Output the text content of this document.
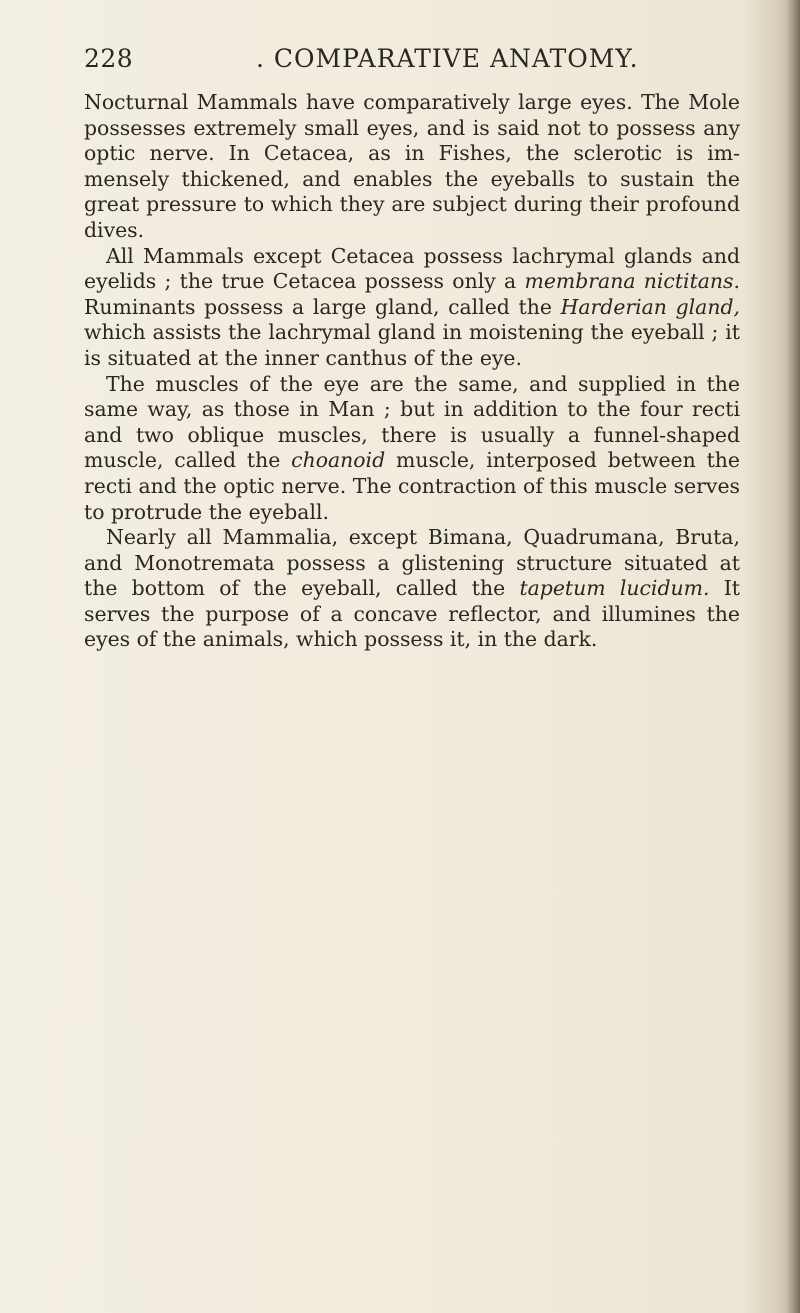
228	. COMPARATIVE ANATOMY.

Nocturnal Mammals have comparatively large eyes. The Mole possesses extremely small eyes, and is said not to possess any optic nerve. In Cetacea, as in Fishes, the sclerotic is immensely thickened, and enables the eyeballs to sustain the great pressure to which they are subject during their profound dives.

All Mammals except Cetacea possess lachrymal glands and eyelids ; the true Cetacea possess only a membrana nictitans. Ruminants possess a large gland, called the Harderian gland, which assists the lachrymal gland in moistening the eyeball ; it is situated at the inner canthus of the eye.

The muscles of the eye are the same, and supplied in the same way, as those in Man ; but in addition to the four recti and two oblique muscles, there is usually a funnel-shaped muscle, called the choanoid muscle, interposed between the recti and the optic nerve. The contraction of this muscle serves to protrude the eyeball.

Nearly all Mammalia, except Bimana, Quadrumana, Bruta, and Monotremata possess a glistening structure situated at the bottom of the eyeball, called the tapetum lucidum. It serves the purpose of a concave reflector, and illumines the eyes of the animals, which possess it, in the dark.
